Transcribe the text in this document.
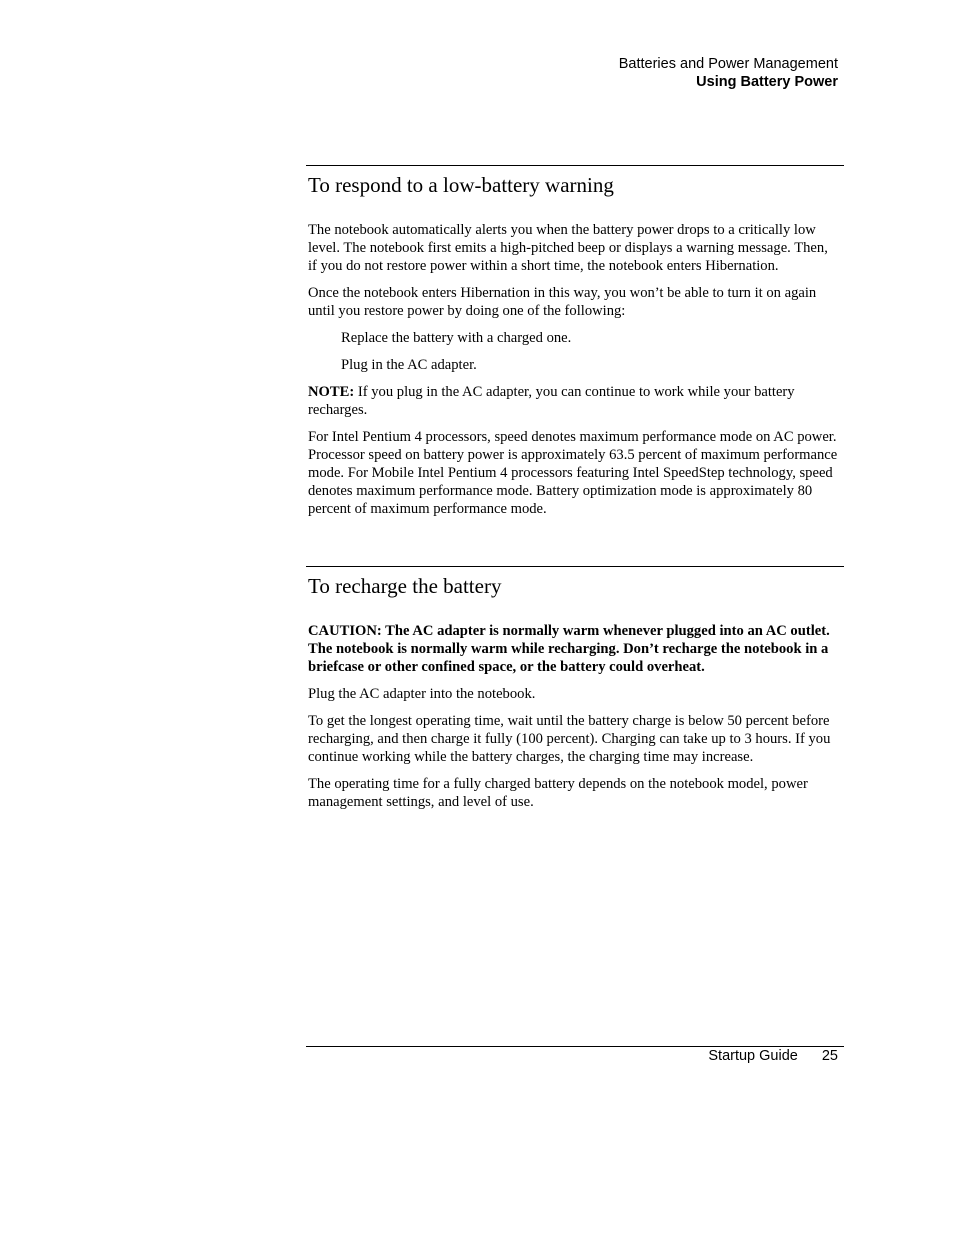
Batteries and Power Management
Using Battery Power
To respond to a low-battery warning

The notebook automatically alerts you when the battery power drops to a critically low level. The notebook first emits a high-pitched beep or displays a warning message. Then, if you do not restore power within a short time, the notebook enters Hibernation.

Once the notebook enters Hibernation in this way, you won’t be able to turn it on again until you restore power by doing one of the following:

Replace the battery with a charged one.

Plug in the AC adapter.

NOTE: If you plug in the AC adapter, you can continue to work while your battery recharges.

For Intel Pentium 4 processors, speed denotes maximum performance mode on AC power. Processor speed on battery power is approximately 63.5 percent of maximum performance mode. For Mobile Intel Pentium 4 processors featuring Intel SpeedStep technology, speed denotes maximum performance mode. Battery optimization mode is approximately 80 percent of maximum performance mode.

To recharge the battery

CAUTION: The AC adapter is normally warm whenever plugged into an AC outlet. The notebook is normally warm while recharging. Don’t recharge the notebook in a briefcase or other confined space, or the battery could overheat.

Plug the AC adapter into the notebook.

To get the longest operating time, wait until the battery charge is below 50 percent before recharging, and then charge it fully (100 percent). Charging can take up to 3 hours. If you continue working while the battery charges, the charging time may increase.

The operating time for a fully charged battery depends on the notebook model, power management settings, and level of use.

Startup Guide 25
